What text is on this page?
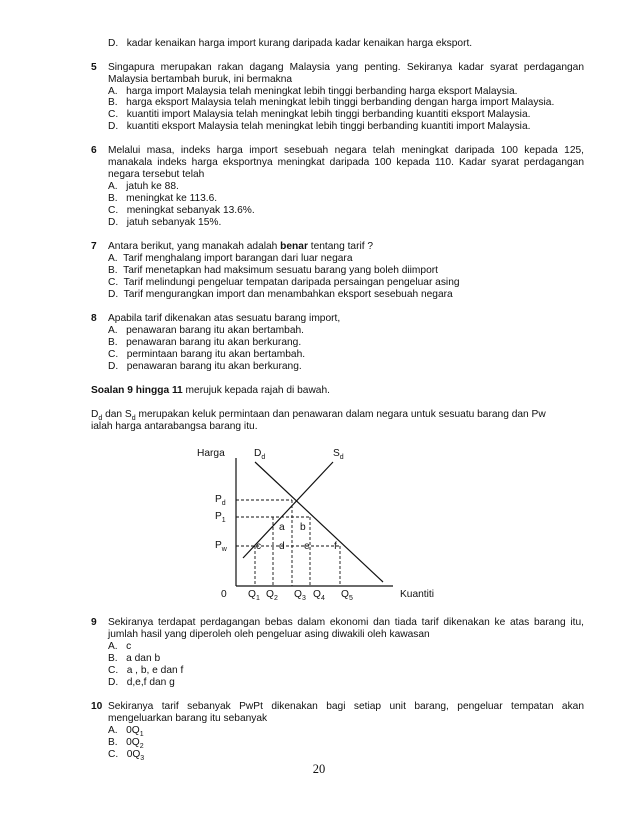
D. kadar kenaikan harga import kurang daripada kadar kenaikan harga eksport.
5 Singapura merupakan rakan dagang Malaysia yang penting. Sekiranya kadar syarat perdagangan
Malaysia bertambah buruk, ini bermakna
A. harga import Malaysia telah meningkat lebih tinggi berbanding harga eksport Malaysia.
B. harga eksport Malaysia telah meningkat lebih tinggi berbanding dengan harga import Malaysia.
C. kuantiti import Malaysia telah meningkat lebih tinggi berbanding kuantiti eksport Malaysia.
D. kuantiti eksport Malaysia telah meningkat lebih tinggi berbanding kuantiti import Malaysia.
6 Melalui masa, indeks harga import sesebuah negara telah meningkat daripada 100 kepada 125,
manakala indeks harga eksportnya meningkat daripada 100 kepada 110. Kadar syarat perdagangan
negara tersebut telah
A. jatuh ke 88.
B. meningkat ke 113.6.
C. meningkat sebanyak 13.6%.
D. jatuh sebanyak 15%.
7 Antara berikut, yang manakah adalah benar tentang tarif ?
A. Tarif menghalang import barangan dari luar negara
B. Tarif menetapkan had maksimum sesuatu barang yang boleh diimport
C. Tarif melindungi pengeluar tempatan daripada persaingan pengeluar asing
D. Tarif mengurangkan import dan menambahkan eksport sesebuah negara
8 Apabila tarif dikenakan atas sesuatu barang import,
A. penawaran barang itu akan bertambah.
B. penawaran barang itu akan berkurang.
C. permintaan barang itu akan bertambah.
D. penawaran barang itu akan berkurang.
Soalan 9 hingga 11 merujuk kepada rajah di bawah.
$D_d$ dan $S_d$ merupakan keluk permintaan dan penawaran dalam negara untuk sesuatu barang dan Pw
ialah harga antarabangsa barang itu.
Harga	$D_d$	$S_d$
$P_d$
$P_1$
$P_w$
a b
c d e f
0 $Q_1$ $Q_2$ $Q_3$ $Q_4$ $Q_5$	Kuantiti
9 Sekiranya terdapat perdagangan bebas dalam ekonomi dan tiada tarif dikenakan ke atas barang itu,
jumlah hasil yang diperoleh oleh pengeluar asing diwakili oleh kawasan
A. c
B. a dan b
C. a , b, e dan f
D. d,e,f dan g
10 Sekiranya tarif sebanyak PwPt dikenakan bagi setiap unit barang, pengeluar tempatan akan
mengeluarkan barang itu sebanyak
A. $0Q_1$
B. $0Q_2$
C. $0Q_3$
20
